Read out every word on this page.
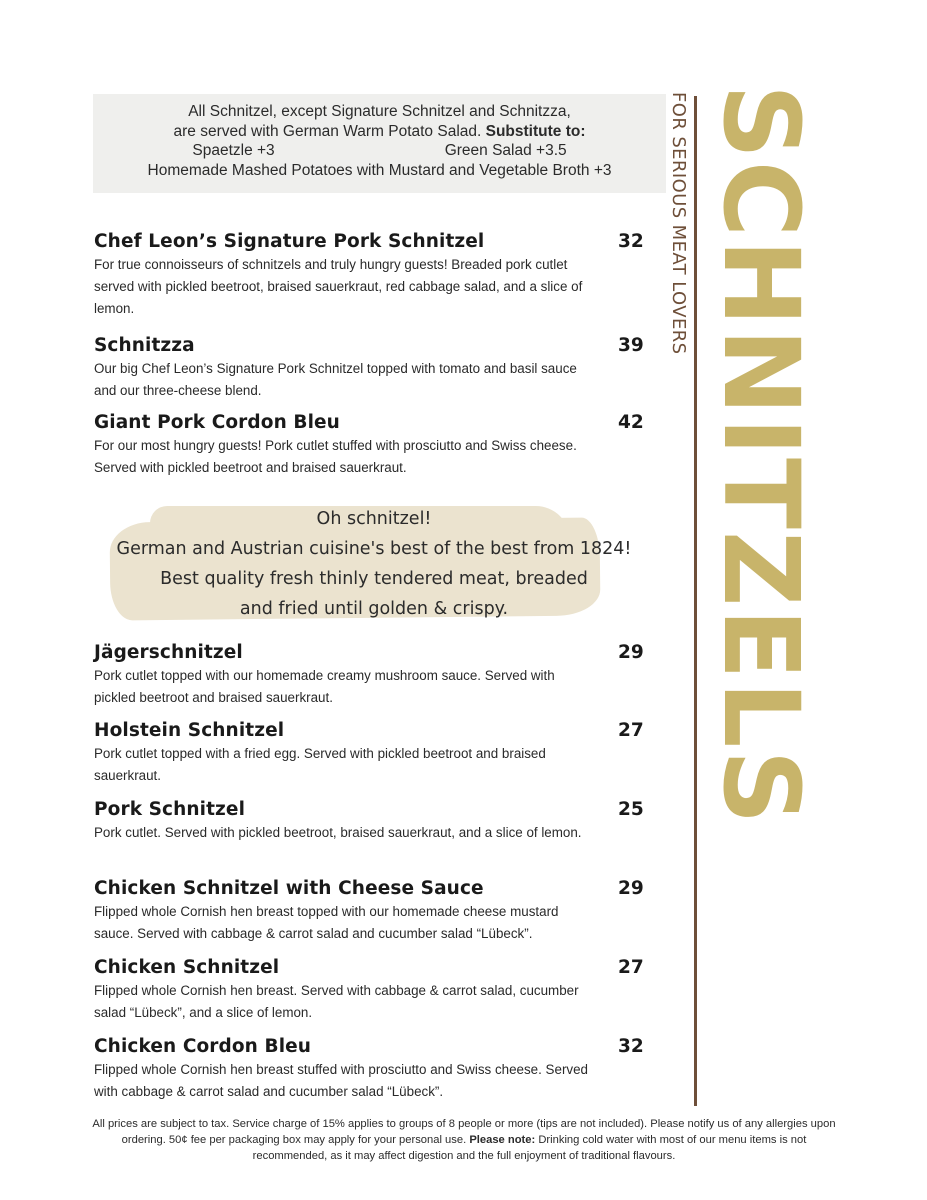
All Schnitzel, except Signature Schnitzel and Schnitzza,
are served with German Warm Potato Salad. Substitute to:
Spaetzle +3	Green Salad +3.5
Homemade Mashed Potatoes with Mustard and Vegetable Broth +3
Chef Leon’s Signature Pork Schnitzel	32
For true connoisseurs of schnitzels and truly hungry guests! Breaded pork cutlet served with pickled beetroot, braised sauerkraut, red cabbage salad, and a slice of lemon.
Schnitzza	39
Our big Chef Leon’s Signature Pork Schnitzel topped with tomato and basil sauce and our three-cheese blend.
Giant Pork Cordon Bleu	42
For our most hungry guests! Pork cutlet stuffed with prosciutto and Swiss cheese. Served with pickled beetroot and braised sauerkraut.
Oh schnitzel!
German and Austrian cuisine's best of the best from 1824!
Best quality fresh thinly tendered meat, breaded
and fried until golden & crispy.
Jägerschnitzel	29
Pork cutlet topped with our homemade creamy mushroom sauce. Served with pickled beetroot and braised sauerkraut.
Holstein Schnitzel	27
Pork cutlet topped with a fried egg. Served with pickled beetroot and braised sauerkraut.
Pork Schnitzel	25
Pork cutlet. Served with pickled beetroot, braised sauerkraut, and a slice of lemon.
Chicken Schnitzel with Cheese Sauce	29
Flipped whole Cornish hen breast topped with our homemade cheese mustard sauce. Served with cabbage & carrot salad and cucumber salad “Lübeck”.
Chicken Schnitzel	27
Flipped whole Cornish hen breast. Served with cabbage & carrot salad, cucumber salad “Lübeck”, and a slice of lemon.
Chicken Cordon Bleu	32
Flipped whole Cornish hen breast stuffed with prosciutto and Swiss cheese. Served with cabbage & carrot salad and cucumber salad “Lübeck”.
FOR SERIOUS MEAT LOVERS SCHNITZELS
All prices are subject to tax. Service charge of 15% applies to groups of 8 people or more (tips are not included). Please notify us of any allergies upon ordering. 50¢ fee per packaging box may apply for your personal use. Please note: Drinking cold water with most of our menu items is not recommended, as it may affect digestion and the full enjoyment of traditional flavours.
